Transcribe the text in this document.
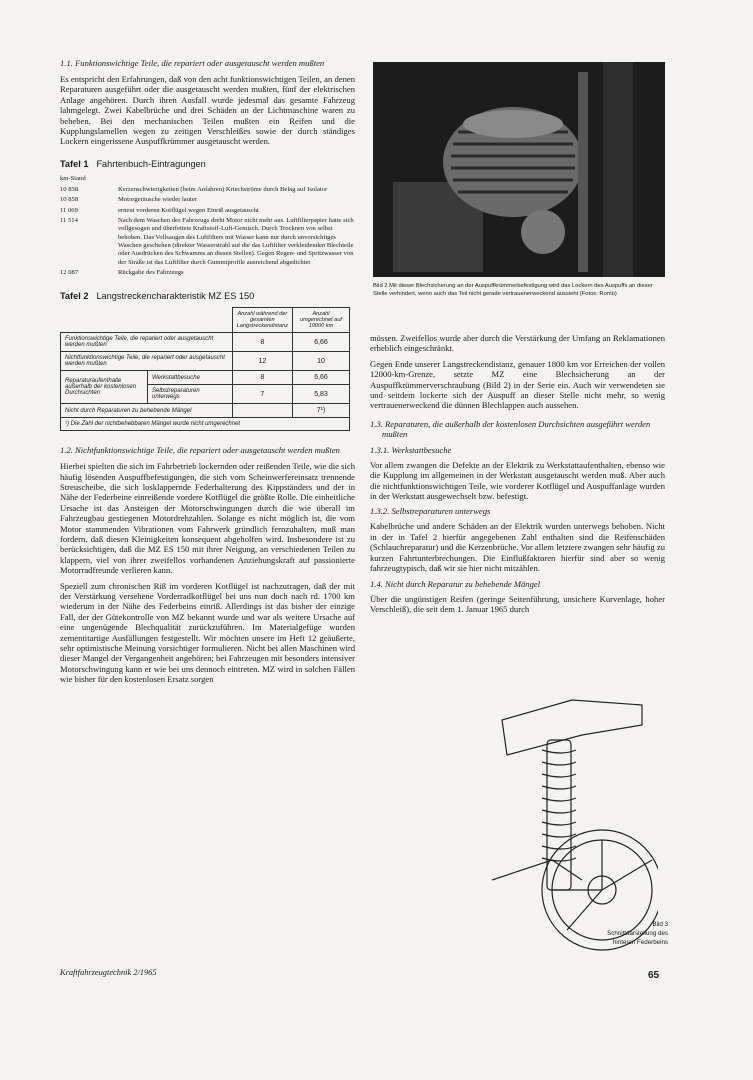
1.1. Funktionswichtige Teile, die repariert oder ausgetauscht werden mußten

Es entspricht den Erfahrungen, daß von den acht funktionswichtigen Teilen, an denen Reparaturen ausgeführt oder die ausgetauscht werden mußten, fünf der elektrischen Anlage angehören. Durch ihren Ausfall wurde jedesmal das gesamte Fahrzeug lahmgelegt. Zwei Kabelbrüche und drei Schäden an der Lichtmaschine waren zu beheben. Bei den mechanischen Teilen mußten ein Reifen und die Kupplungslamellen wegen zu zeitigen Verschleißes sowie der durch ständiges Lockern eingerissene Auspuffkrümmer ausgetauscht werden.

Tafel 1 Fahrtenbuch-Eintragungen
km-Stand
10 838	Kerzenschwierigkeiten (beim Anfahren) Kriechströme durch Belag auf Isolator
10 858	Motorgeräusche wieder lauter
11 069	erneut vorderen Kotflügel wegen Einriß ausgetauscht
11 514	Nach dem Waschen des Fahrzeugs dreht Motor nicht mehr aus. Luftfilterpapier hatte sich vollgesogen und überfettete Kraftstoff-Luft-Gemisch. Durch Trocknen von selbst behoben. Das Vollsaugen des Luftfilters mit Wasser kann nur durch unvorsichtiges Waschen geschehen (direkter Wasserstrahl auf die das Luftfilter verkleidenden Blechteile oder Ausdrücken des Schwamms an diesen Stellen). Gegen Regen- und Spritzwasser von der Straße ist das Luftfilter durch Gummiprofile ausreichend abgedichtet
12 087	Rückgabe des Fahrzeugs
Tafel 2 Langstreckencharakteristik MZ ES 150
		Anzahl während der gesamten Langstreckendistanz	Anzahl umgerechnet auf 10000 km
Funktionswichtige Teile, die repariert oder ausgetauscht werden mußten		8	6,66
Nichtfunktionswichtige Teile, die repariert oder ausgetauscht werden mußten		12	10
Reparaturaufenthalte außerhalb der kostenlosen Durchsichten	Werkstattbesuche	8	6,66
	Selbstreparaturen unterwegs	7	5,83
Nicht durch Reparaturen zu behebende Mängel			7¹)
¹) Die Zahl der nichtbehebbaren Mängel wurde nicht umgerechnet			
1.2. Nichtfunktionswichtige Teile, die repariert oder ausgetauscht werden mußten

Hierbei spielten die sich im Fahrbetrieb lockernden oder reißenden Teile, wie die sich häufig lösenden Auspuffbefestigungen, die sich vom Scheinwerfereinsatz trennende Streuscheibe, die sich losklappernde Federhalterung des Kippständers und der in Nähe der Federbeine einreißende vordere Kotflügel die größte Rolle. Die einheitliche Ursache ist das Ansteigen der Motorschwingungen durch die wie überall im Fahrzeugbau gestiegenen Motordrehzahlen. Solange es nicht möglich ist, die vom Motor stammenden Vibrationen vom Fahrwerk gründlich fernzuhalten, muß man fordern, daß diesen Kleinigkeiten konsequent abgeholfen wird. Insbesondere ist zu berücksichtigen, daß die MZ ES 150 mit ihrer Neigung, an verschiedenen Teilen zu klappern, viel von ihrer zweifellos vorhandenen Anziehungskraft auf passionierte Motorradfreunde verlieren kann.

Speziell zum chronischen Riß im vorderen Kotflügel ist nachzutragen, daß der mit der Verstärkung versehene Vorderradkotflügel bei uns nun doch nach rd. 1700 km wiederum in der Nähe des Federbeins einriß. Allerdings ist das bisher der einzige Fall, der der Gütekontrolle von MZ bekannt wurde und war als weitere Ursache auf eine ungenügende Blechqualität zurückzuführen. Im Materialgefüge wurden zementitartige Ausfällungen festgestellt. Wir möchten unsere im Heft 12 geäußerte, sehr optimistische Meinung vorsichtiger formulieren. Nicht bei allen Maschinen wird dieser Mangel der Vergangenheit angehören; bei Fahrzeugen mit besonders intensiver Motorschwingung kann er wie bei uns dennoch eintreten. MZ wird in solchen Fällen wie bisher für den kostenlosen Ersatz sorgen

Bild 2 Mit dieser Blechsicherung an der Auspuffkrümmerbefestigung wird das Lockern des Auspuffs an dieser Stelle verhindert, wenn auch das Teil nicht gerade vertrauenerweckend aussieht (Fotos: Romü)

müssen. Zweifellos wurde aber durch die Verstärkung der Umfang an Reklamationen erheblich eingeschränkt.

Gegen Ende unserer Langstreckendistanz, genauer 1800 km vor Erreichen der vollen 12000-km-Grenze, setzte MZ eine Blechsicherung an der Auspuffkrümmerverschraubung (Bild 2) in der Serie ein. Auch wir verwendeten sie und seitdem lockerte sich der Auspuff an dieser Stelle nicht mehr, so wenig vertrauenerweckend die dünnen Blechlappen auch aussehen.

1.3. Reparaturen, die außerhalb der kostenlosen Durchsichten ausgeführt werden mußten
1.3.1. Werkstattbesuche

Vor allem zwangen die Defekte an der Elektrik zu Werkstattaufenthalten, ebenso wie die Kupplung im allgemeinen in der Werkstatt ausgetauscht werden muß. Aber auch die nichtfunktionswichtigen Teile, wie vorderer Kotflügel und Auspuffanlage wurden in der Werkstatt ausgewechselt bzw. befestigt.

1.3.2. Selbstreparaturen unterwegs

Kabelbrüche und andere Schäden an der Elektrik wurden unterwegs behoben. Nicht in der in Tafel 2 hierfür angegebenen Zahl enthalten sind die Reifenschäden (Schlauchreparatur) und die Kerzenbrüche. Vor allem letztere zwangen sehr häufig zu kurzen Fahrtunterbrechungen. Die Einflußfaktoren hierfür sind aber so wenig fahrzeugtypisch, daß wir sie hier nicht mitzählen.

1.4. Nicht durch Reparatur zu behebende Mängel

Über die ungünstigen Reifen (geringe Seitenführung, unsichere Kurvenlage, hoher Verschleiß), die seit dem 1. Januar 1965 durch

Bild 3
Schnittdarstellung des hinteren Federbeins
Kraftfahrzeugtechnik 2/1965	65
